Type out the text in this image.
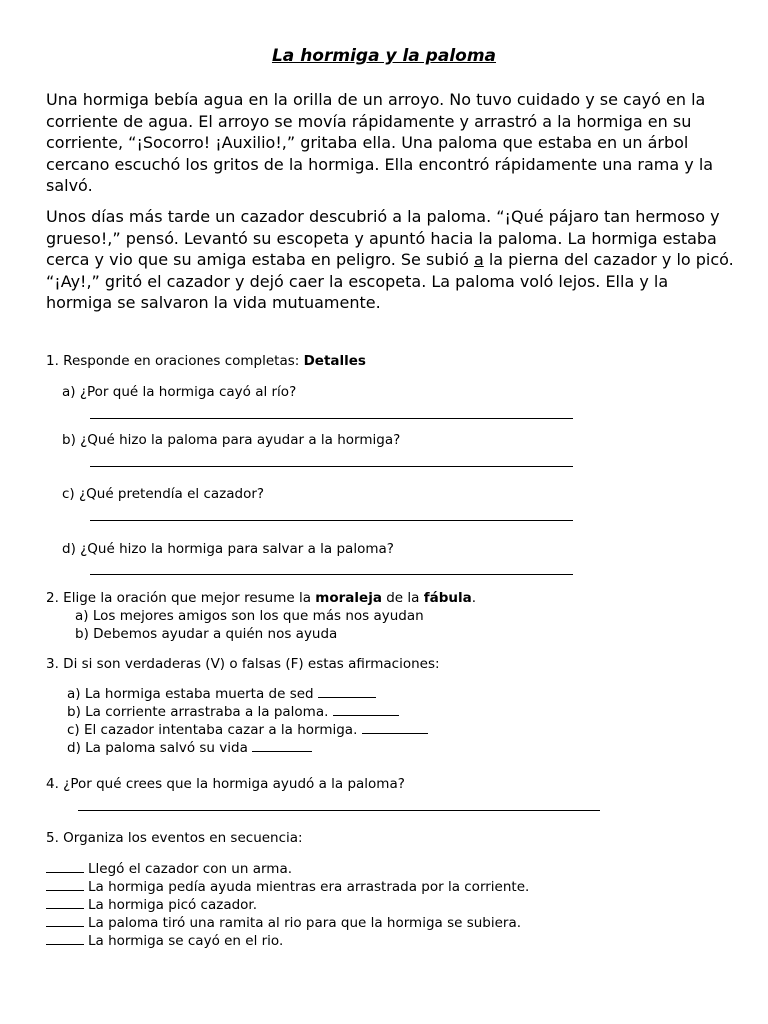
La hormiga y la paloma

Una hormiga bebía agua en la orilla de un arroyo. No tuvo cuidado y se cayó en la corriente de agua. El arroyo se movía rápidamente y arrastró a la hormiga en su corriente, “¡Socorro! ¡Auxilio!,” gritaba ella. Una paloma que estaba en un árbol cercano escuchó los gritos de la hormiga. Ella encontró rápidamente una rama y la salvó.

Unos días más tarde un cazador descubrió a la paloma. “¡Qué pájaro tan hermoso y grueso!,” pensó. Levantó su escopeta y apuntó hacia la paloma. La hormiga estaba cerca y vio que su amiga estaba en peligro. Se subió a la pierna del cazador y lo picó. “¡Ay!,” gritó el cazador y dejó caer la escopeta. La paloma voló lejos. Ella y la hormiga se salvaron la vida mutuamente.

1. Responde en oraciones completas: Detalles
a) ¿Por qué la hormiga cayó al río?
b) ¿Qué hizo la paloma para ayudar a la hormiga?
c) ¿Qué pretendía el cazador?
d) ¿Qué hizo la hormiga para salvar a la paloma?
2. Elige la oración que mejor resume la moraleja de la fábula.
a) Los mejores amigos son los que más nos ayudan
b) Debemos ayudar a quién nos ayuda
3. Di si son verdaderas (V) o falsas (F) estas afirmaciones:
a) La hormiga estaba muerta de sed
b) La corriente arrastraba a la paloma.
c) El cazador intentaba cazar a la hormiga.
d) La paloma salvó su vida
4. ¿Por qué crees que la hormiga ayudó a la paloma?
5. Organiza los eventos en secuencia:
Llegó el cazador con un arma.
La hormiga pedía ayuda mientras era arrastrada por la corriente.
La hormiga picó cazador.
La paloma tiró una ramita al rio para que la hormiga se subiera.
La hormiga se cayó en el rio.
